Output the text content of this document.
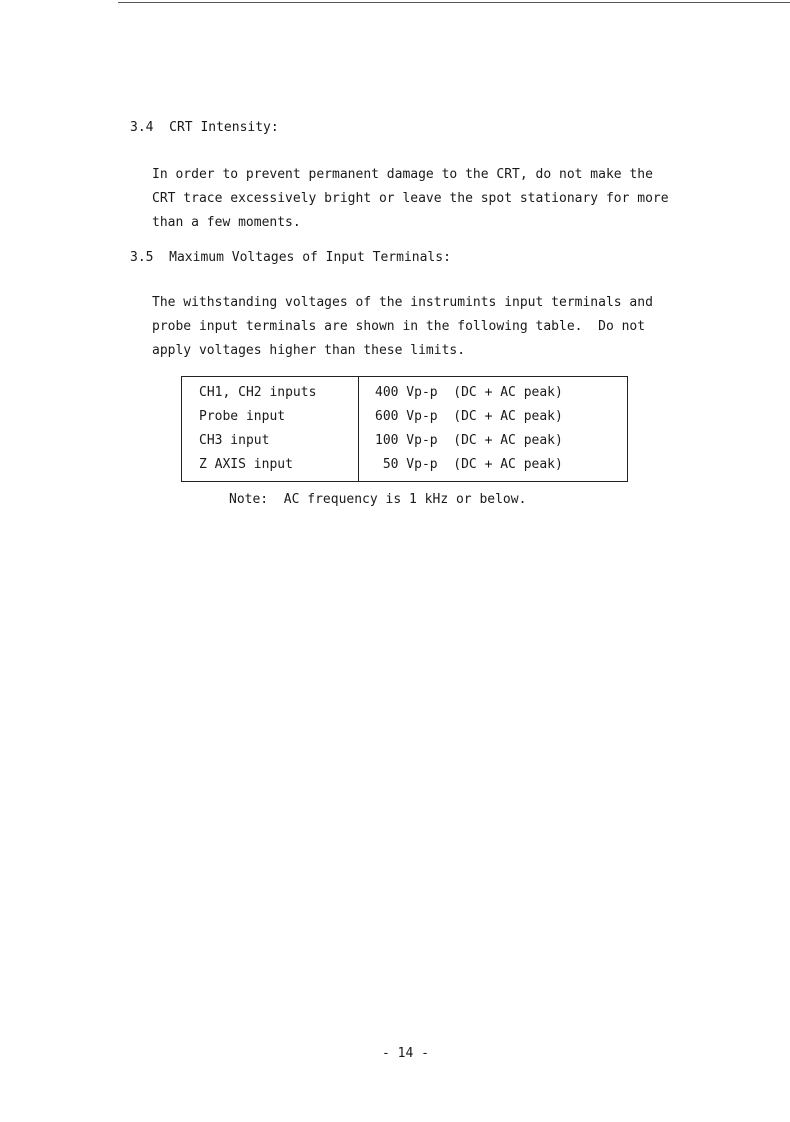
3.4 CRT Intensity:
In order to prevent permanent damage to the CRT, do not make the
CRT trace excessively bright or leave the spot stationary for more
than a few moments.
3.5 Maximum Voltages of Input Terminals:
The withstanding voltages of the instrumints input terminals and
probe input terminals are shown in the following table.  Do not
apply voltages higher than these limits.
CH1, CH2 inputs	400 Vp-p  (DC + AC peak)
Probe input	600 Vp-p  (DC + AC peak)
CH3 input	100 Vp-p  (DC + AC peak)
Z AXIS input	50 Vp-p  (DC + AC peak)
Note:  AC frequency is 1 kHz or below.
- 14 -
